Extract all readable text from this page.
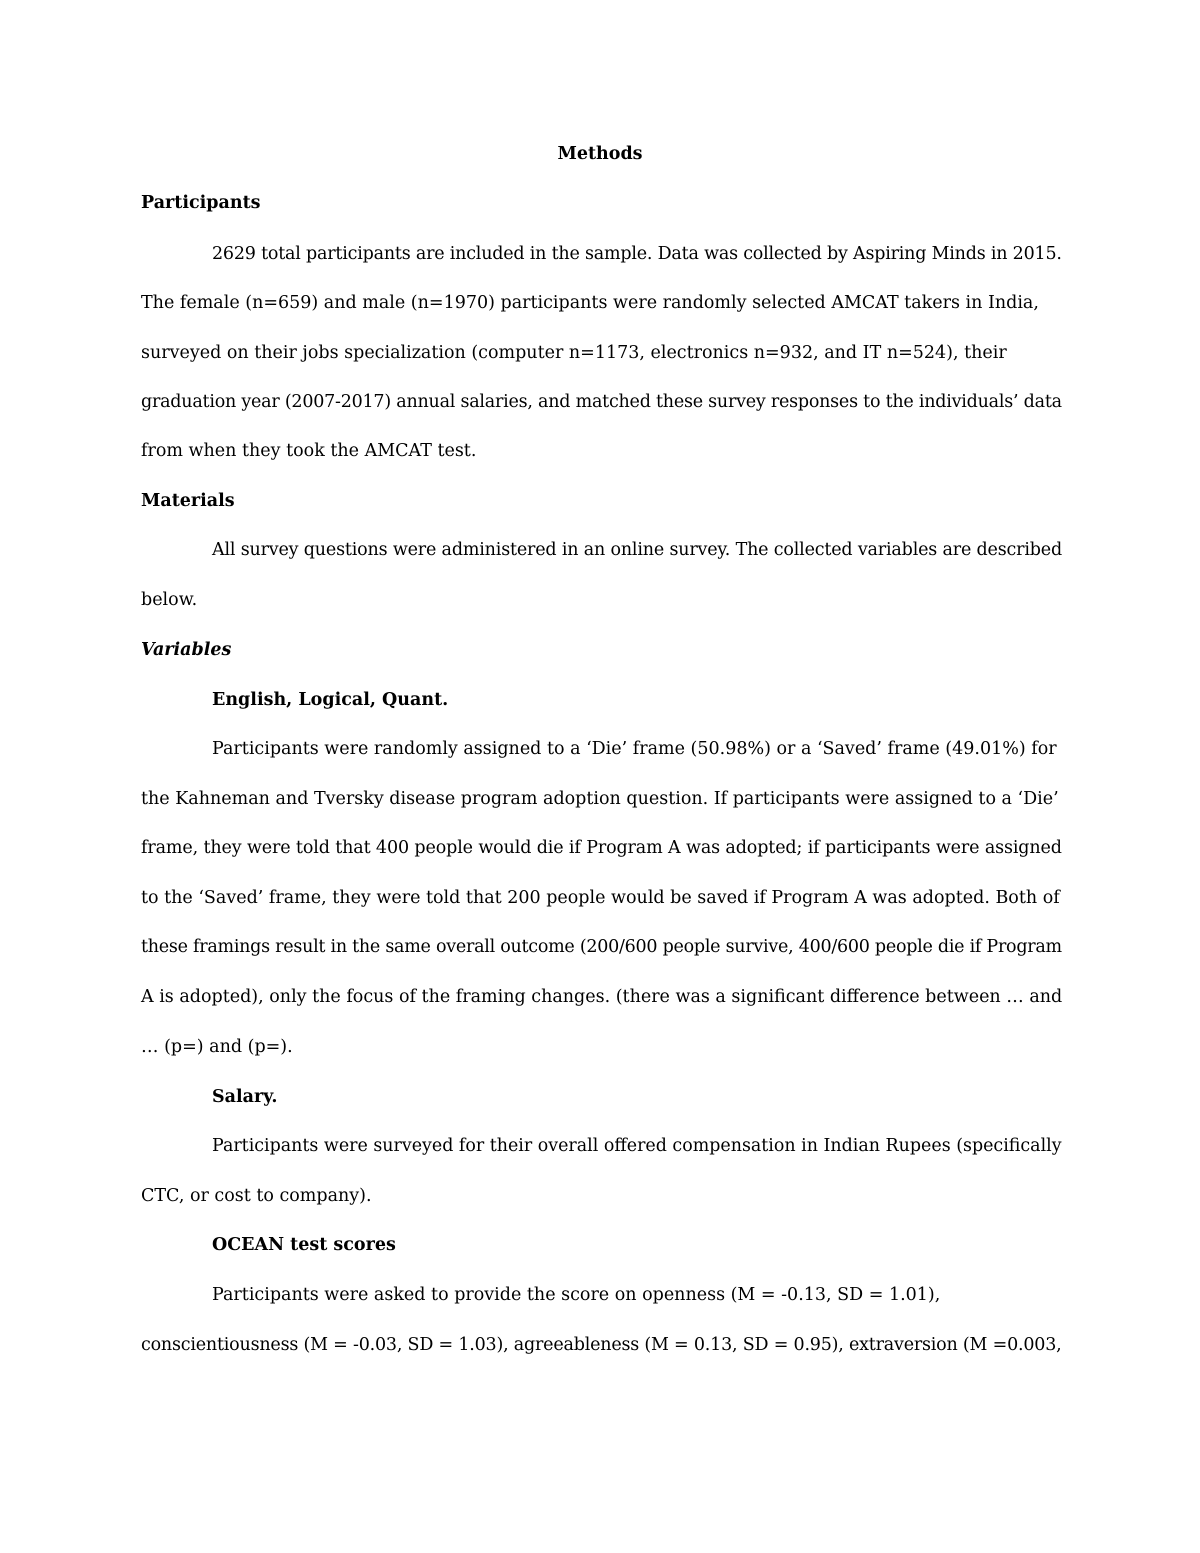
Methods
Participants
2629 total participants are included in the sample. Data was collected by Aspiring Minds in 2015.
The female (n=659) and male (n=1970) participants were randomly selected AMCAT takers in India,
surveyed on their jobs specialization (computer n=1173, electronics n=932, and IT n=524), their
graduation year (2007-2017) annual salaries, and matched these survey responses to the individuals’ data
from when they took the AMCAT test.
Materials
All survey questions were administered in an online survey. The collected variables are described
below.
Variables
English, Logical, Quant.
Participants were randomly assigned to a ‘Die’ frame (50.98%) or a ‘Saved’ frame (49.01%) for
the Kahneman and Tversky disease program adoption question. If participants were assigned to a ‘Die’
frame, they were told that 400 people would die if Program A was adopted; if participants were assigned
to the ‘Saved’ frame, they were told that 200 people would be saved if Program A was adopted. Both of
these framings result in the same overall outcome (200/600 people survive, 400/600 people die if Program
A is adopted), only the focus of the framing changes. (there was a significant difference between … and
… (p=) and (p=).
Salary.
Participants were surveyed for their overall offered compensation in Indian Rupees (specifically
CTC, or cost to company).
OCEAN test scores
Participants were asked to provide the score on openness (M = -0.13, SD = 1.01),
conscientiousness (M = -0.03, SD = 1.03), agreeableness (M = 0.13, SD = 0.95), extraversion (M =0.003,
